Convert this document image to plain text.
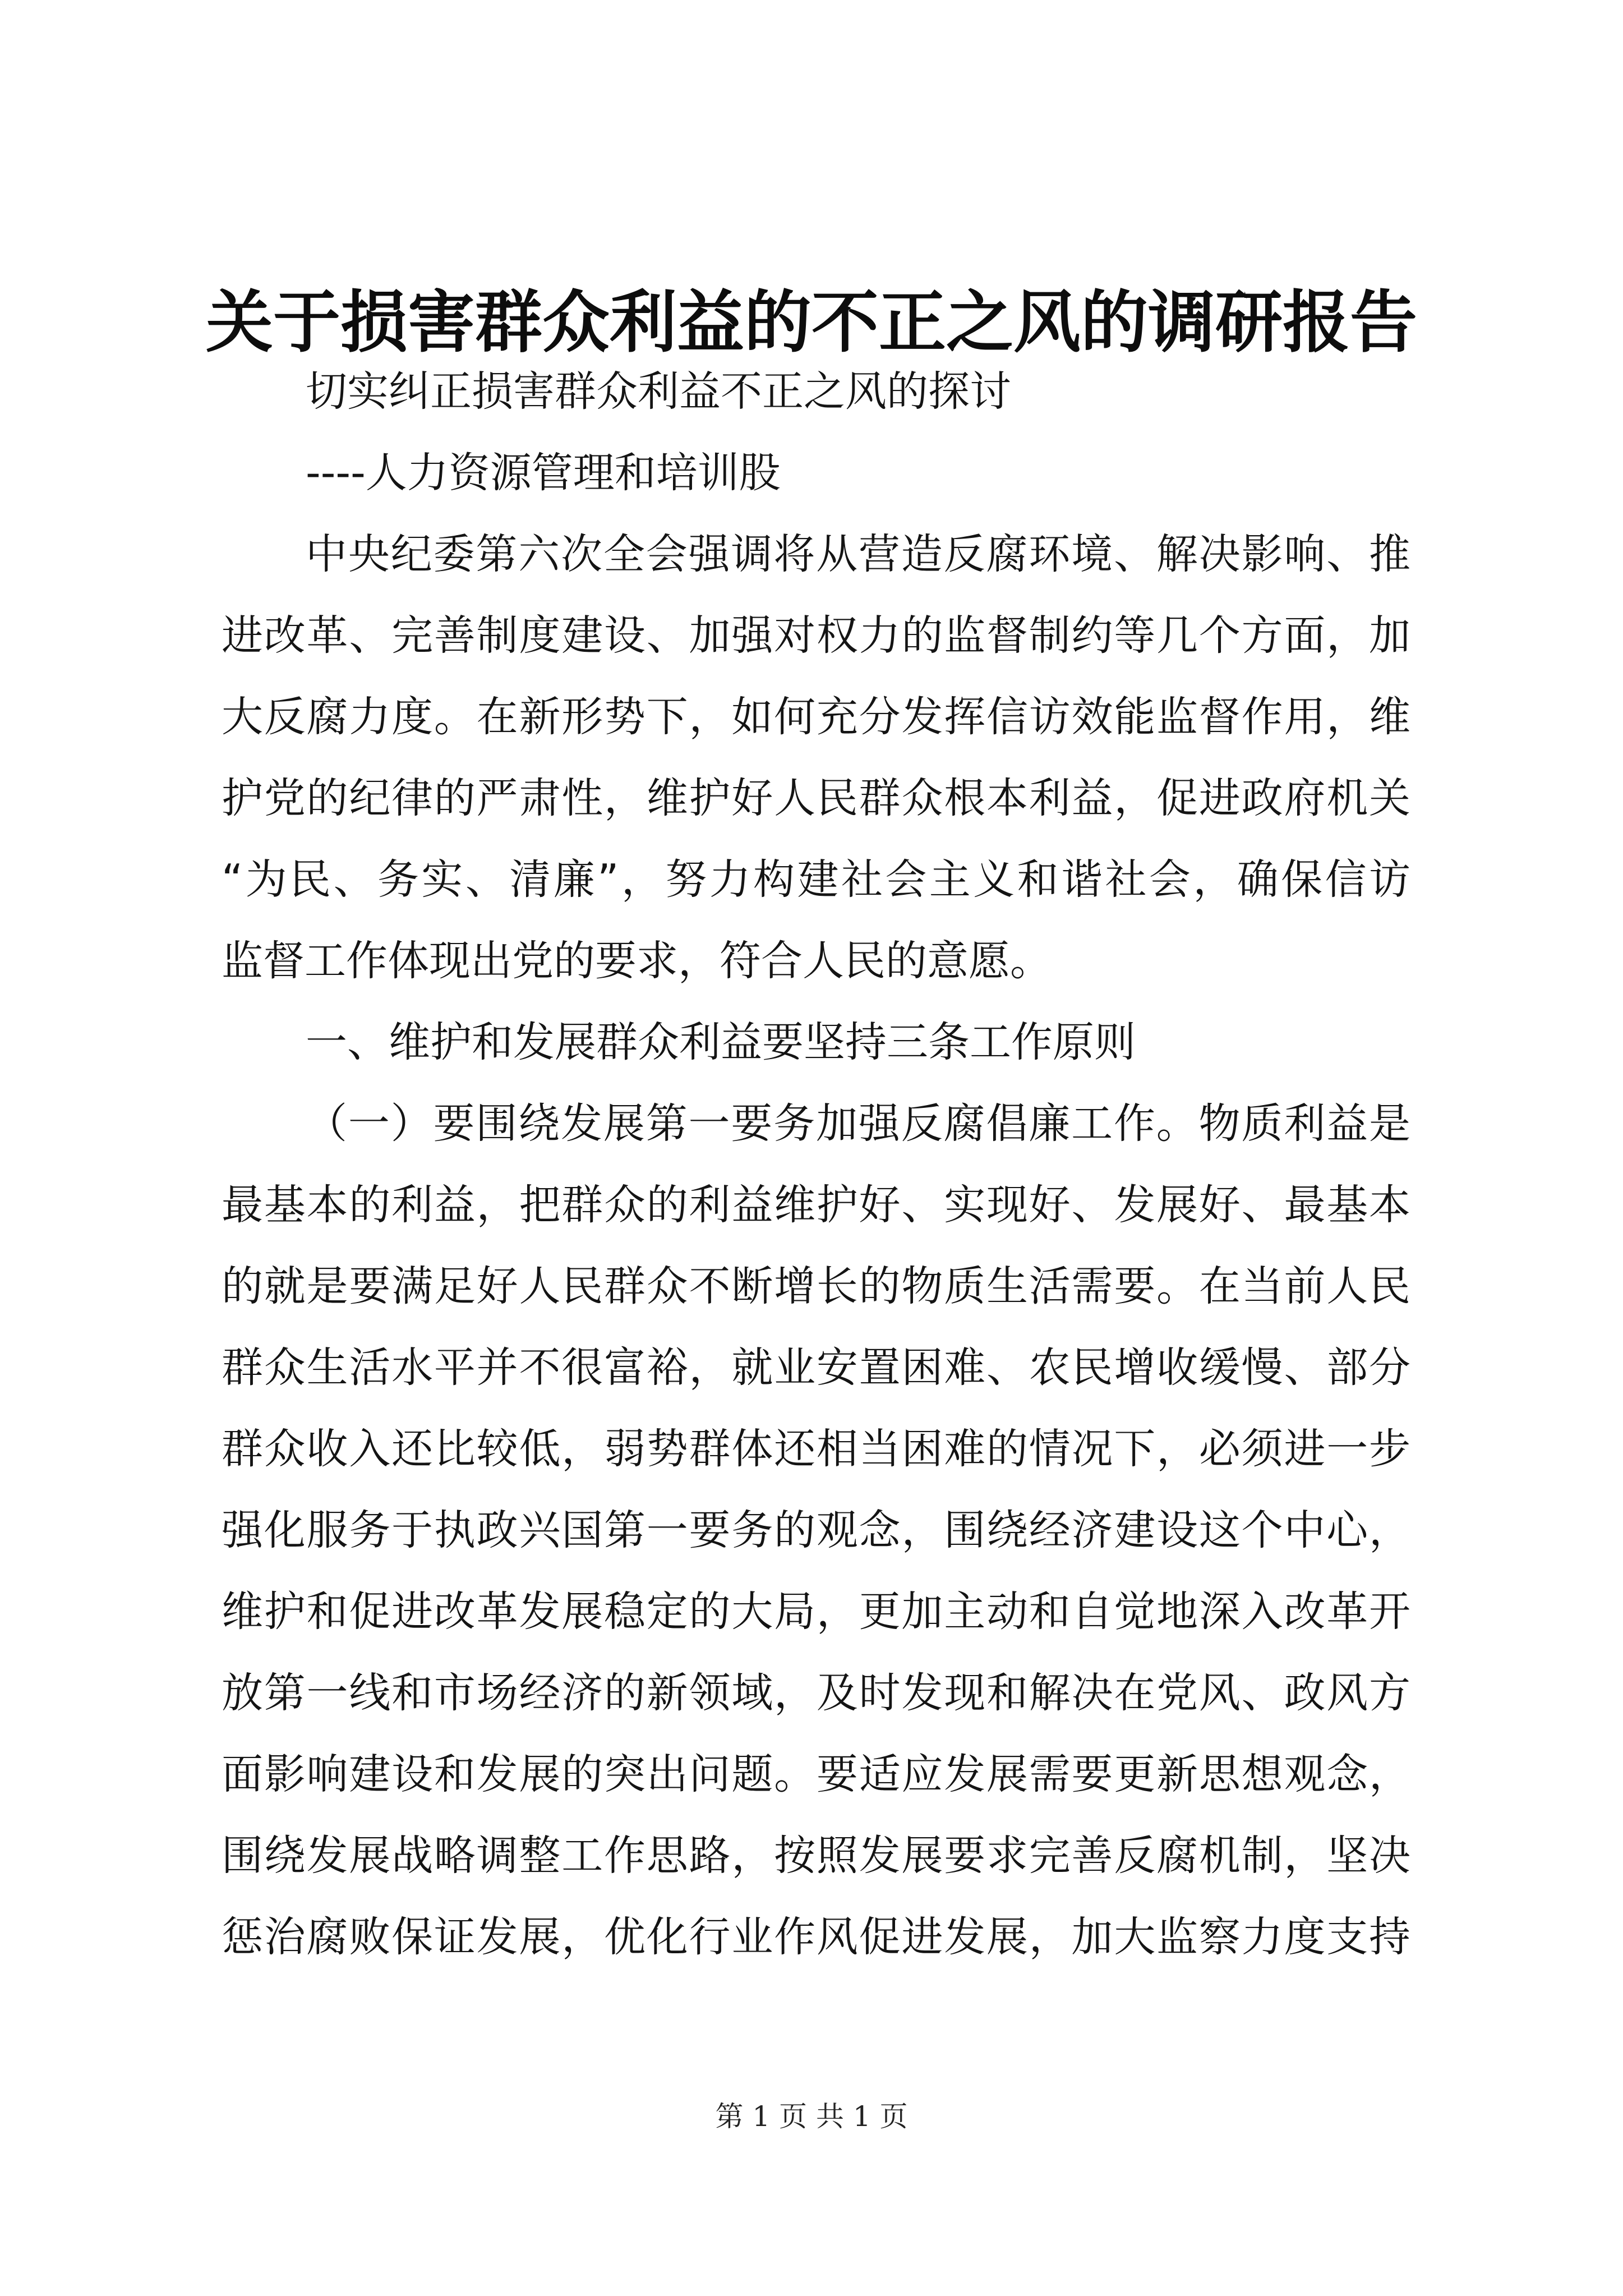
关于损害群众利益的不正之风的调研报告
切实纠正损害群众利益不正之风的探讨
----人力资源管理和培训股
中央纪委第六次全会强调将从营造反腐环境、解决影响、推
进改革、完善制度建设、加强对权力的监督制约等几个方面，加
大反腐力度。在新形势下，如何充分发挥信访效能监督作用，维
护党的纪律的严肃性，维护好人民群众根本利益，促进政府机关
“为民、务实、清廉”，努力构建社会主义和谐社会，确保信访
监督工作体现出党的要求，符合人民的意愿。
一、维护和发展群众利益要坚持三条工作原则
（一）要围绕发展第一要务加强反腐倡廉工作。物质利益是
最基本的利益，把群众的利益维护好、实现好、发展好、最基本
的就是要满足好人民群众不断增长的物质生活需要。在当前人民
群众生活水平并不很富裕，就业安置困难、农民增收缓慢、部分
群众收入还比较低，弱势群体还相当困难的情况下，必须进一步
强化服务于执政兴国第一要务的观念，围绕经济建设这个中心，
维护和促进改革发展稳定的大局，更加主动和自觉地深入改革开
放第一线和市场经济的新领域，及时发现和解决在党风、政风方
面影响建设和发展的突出问题。要适应发展需要更新思想观念，
围绕发展战略调整工作思路，按照发展要求完善反腐机制，坚决
惩治腐败保证发展，优化行业作风促进发展，加大监察力度支持
第 1 页 共 1 页
